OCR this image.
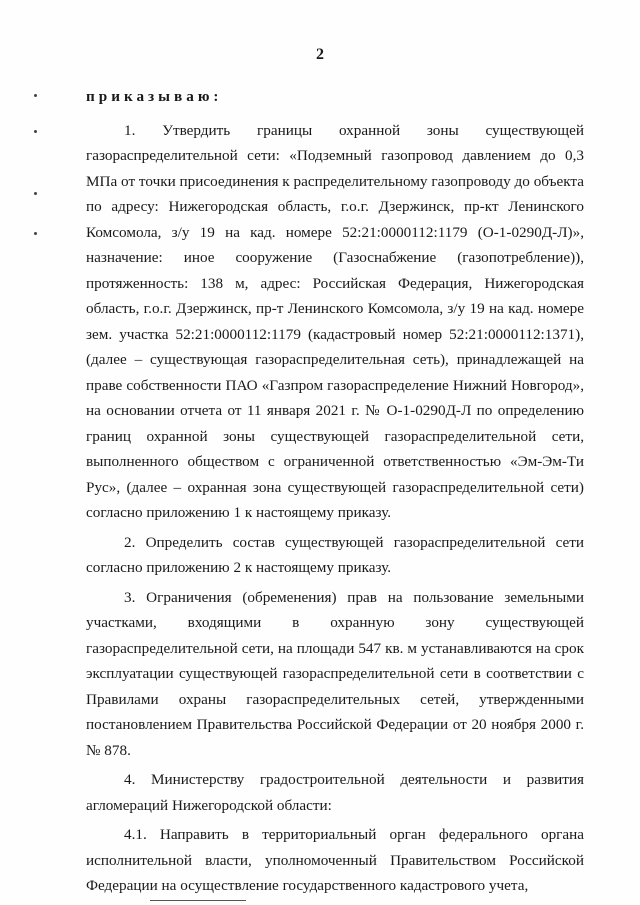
2

приказываю:

1. Утвердить границы охранной зоны существующей газораспределительной сети: «Подземный газопровод давлением до 0,3 МПа от точки присоединения к распределительному газопроводу до объекта по адресу: Нижегородская область, г.о.г. Дзержинск, пр-кт Ленинского Комсомола, з/у 19 на кад. номере 52:21:0000112:1179 (О-1-0290Д-Л)», назначение: иное сооружение (Газоснабжение (газопотребление)), протяженность: 138 м, адрес: Российская Федерация, Нижегородская область, г.о.г. Дзержинск, пр-т Ленинского Комсомола, з/у 19 на кад. номере зем. участка 52:21:0000112:1179 (кадастровый номер 52:21:0000112:1371), (далее – существующая газораспределительная сеть), принадлежащей на праве собственности ПАО «Газпром газораспределение Нижний Новгород», на основании отчета от 11 января 2021 г. № О-1-0290Д-Л по определению границ охранной зоны существующей газораспределительной сети, выполненного обществом с ограниченной ответственностью «Эм-Эм-Ти Рус», (далее – охранная зона существующей газораспределительной сети) согласно приложению 1 к настоящему приказу.

2. Определить состав существующей газораспределительной сети согласно приложению 2 к настоящему приказу.

3. Ограничения (обременения) прав на пользование земельными участками, входящими в охранную зону существующей газораспределительной сети, на площади 547 кв. м устанавливаются на срок эксплуатации существующей газораспределительной сети в соответствии с Правилами охраны газораспределительных сетей, утвержденными постановлением Правительства Российской Федерации от 20 ноября 2000 г. № 878.

4. Министерству градостроительной деятельности и развития агломераций Нижегородской области:

4.1. Направить в территориальный орган федерального органа исполнительной власти, уполномоченный Правительством Российской Федерации на осуществление государственного кадастрового учета,
